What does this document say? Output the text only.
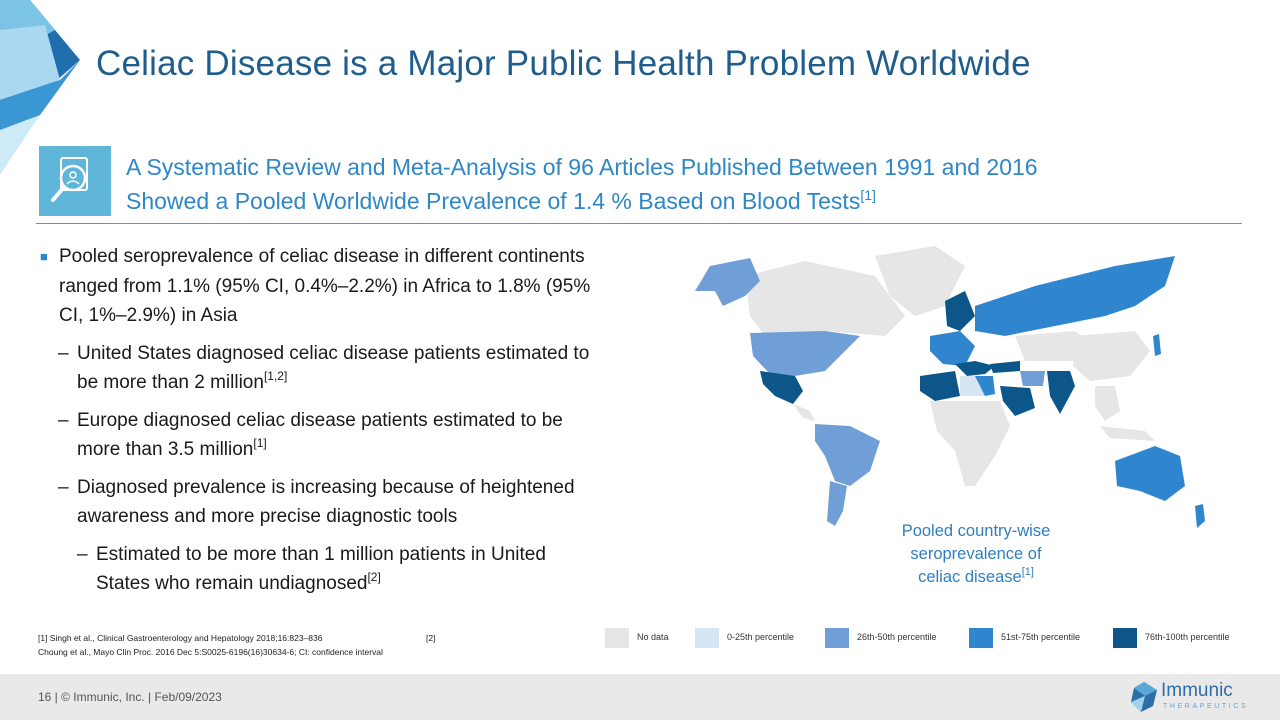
Celiac Disease is a Major Public Health Problem Worldwide
A Systematic Review and Meta-Analysis of 96 Articles Published Between 1991 and 2016
Showed a Pooled Worldwide Prevalence of 1.4 % Based on Blood Tests[1]
■ Pooled seroprevalence of celiac disease in different continents ranged from 1.1% (95% CI, 0.4%–2.2%) in Africa to 1.8% (95% CI, 1%–2.9%) in Asia
– United States diagnosed celiac disease patients estimated to be more than 2 million[1,2]
– Europe diagnosed celiac disease patients estimated to be more than 3.5 million[1]
– Diagnosed prevalence is increasing because of heightened awareness and more precise diagnostic tools
– Estimated to be more than 1 million patients in United States who remain undiagnosed[2]
[1] Singh et al., Clinical Gastroenterology and Hepatology 2018;16:823–836	[2]
Choung et al., Mayo Clin Proc. 2016 Dec 5:S0025-6196(16)30634-6; CI: confidence interval
Pooled country-wise
seroprevalence of
celiac disease[1]
No data	0-25th percentile	26th-50th percentile	51st-75th percentile	76th-100th percentile
16 | © Immunic, Inc. | Feb/09/2023	Immunic
THERAPEUTICS
